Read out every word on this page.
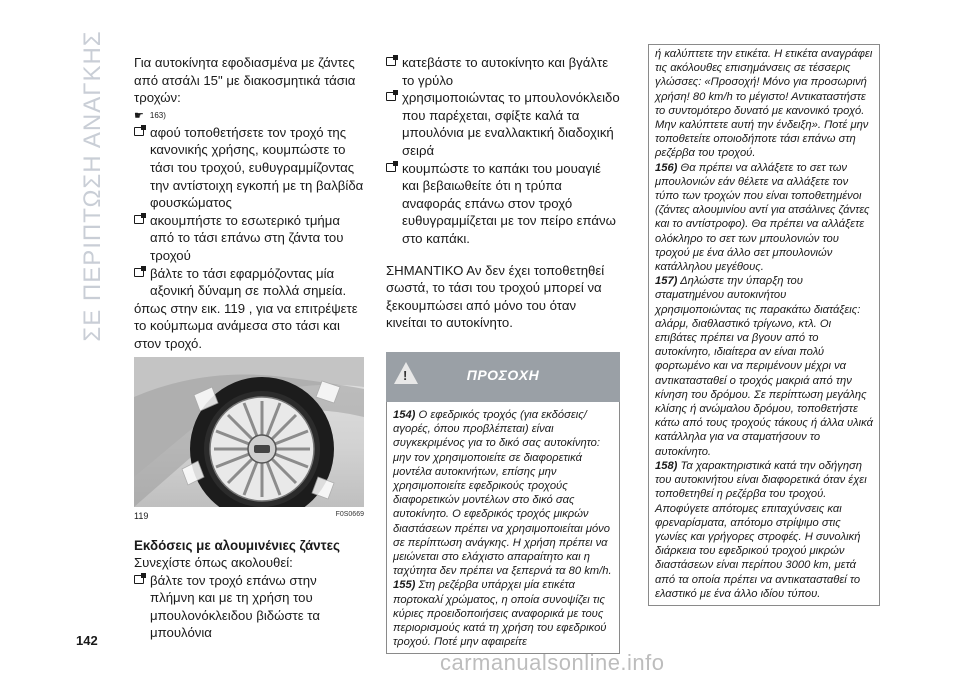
ΣΕ ΠΕΡΙΠΤΩΣΗ ΑΝΑΓΚΗΣ Για αυτοκίνητα εφοδιασμένα με ζάντες από ατσάλι 15" με διακοσμητικά τάσια τροχών:

☛ 163)

αφού τοποθετήσετε τον τροχό της κανονικής χρήσης, κουμπώστε το τάσι του τροχού, ευθυγραμμίζοντας την αντίστοιχη εγκοπή με τη βαλβίδα φουσκώματος

ακουμπήστε το εσωτερικό τμήμα από το τάσι επάνω στη ζάντα του τροχού

βάλτε το τάσι εφαρμόζοντας μία αξονική δύναμη σε πολλά σημεία.

όπως στην εικ. 119 , για να επιτρέψετε το κούμπωμα ανάμεσα στο τάσι και στον τροχό.

119	F0S0669

Εκδόσεις με αλουμινένιες ζάντες

Συνεχίστε όπως ακολουθεί:

βάλτε τον τροχό επάνω στην πλήμνη και με τη χρήση του μπουλονόκλειδου βιδώστε τα μπουλόνια

κατεβάστε το αυτοκίνητο και βγάλτε το γρύλο

χρησιμοποιώντας το μπουλονόκλειδο που παρέχεται, σφίξτε καλά τα μπουλόνια με εναλλακτική διαδοχική σειρά

κουμπώστε το καπάκι του μουαγιέ και βεβαιωθείτε ότι η τρύπα αναφοράς επάνω στον τροχό ευθυγραμμίζεται με τον πείρο επάνω στο καπάκι.

ΣΗΜΑΝΤΙΚΟ Αν δεν έχει τοποθετηθεί σωστά, το τάσι του τροχού μπορεί να ξεκουμπώσει από μόνο του όταν κινείται το αυτοκίνητο.

!	ΠΡΟΣΟΧΗ
154) Ο εφεδρικός τροχός (για εκδόσεις/αγορές, όπου προβλέπεται) είναι συγκεκριμένος για το δικό σας αυτοκίνητο: μην τον χρησιμοποιείτε σε διαφορετικά μοντέλα αυτοκινήτων, επίσης μην χρησιμοποιείτε εφεδρικούς τροχούς διαφορετικών μοντέλων στο δικό σας αυτοκίνητο. Ο εφεδρικός τροχός μικρών διαστάσεων πρέπει να χρησιμοποιείται μόνο σε περίπτωση ανάγκης. Η χρήση πρέπει να μειώνεται στο ελάχιστο απαραίτητο και η ταχύτητα δεν πρέπει να ξεπερνά τα 80 km/h.
155) Στη ρεζέρβα υπάρχει μία ετικέτα πορτοκαλί χρώματος, η οποία συνοψίζει τις κύριες προειδοποιήσεις αναφορικά με τους περιορισμούς κατά τη χρήση του εφεδρικού τροχού. Ποτέ μην αφαιρείτε
ή καλύπτετε την ετικέτα. Η ετικέτα αναγράφει τις ακόλουθες επισημάνσεις σε τέσσερις γλώσσες: «Προσοχή! Μόνο για προσωρινή χρήση! 80 km/h το μέγιστο! Αντικαταστήστε το συντομότερο δυνατό με κανονικό τροχό. Μην καλύπτετε αυτή την ένδειξη». Ποτέ μην τοποθετείτε οποιοδήποτε τάσι επάνω στη ρεζέρβα του τροχού.
156) Θα πρέπει να αλλάξετε το σετ των μπουλονιών εάν θέλετε να αλλάξετε τον τύπο των τροχών που είναι τοποθετημένοι (ζάντες αλουμινίου αντί για ατσάλινες ζάντες και το αντίστροφο). Θα πρέπει να αλλάξετε ολόκληρο το σετ των μπουλονιών του τροχού με ένα άλλο σετ μπουλονιών κατάλληλου μεγέθους.
157) Δηλώστε την ύπαρξη του σταματημένου αυτοκινήτου χρησιμοποιώντας τις παρακάτω διατάξεις: αλάρμ, διαθλαστικό τρίγωνο, κτλ. Οι επιβάτες πρέπει να βγουν από το αυτοκίνητο, ιδιαίτερα αν είναι πολύ φορτωμένο και να περιμένουν μέχρι να αντικατασταθεί ο τροχός μακριά από την κίνηση του δρόμου. Σε περίπτωση μεγάλης κλίσης ή ανώμαλου δρόμου, τοποθετήστε κάτω από τους τροχούς τάκους ή άλλα υλικά κατάλληλα για να σταματήσουν το αυτοκίνητο.
158) Τα χαρακτηριστικά κατά την οδήγηση του αυτοκινήτου είναι διαφορετικά όταν έχει τοποθετηθεί η ρεζέρβα του τροχού. Αποφύγετε απότομες επιταχύνσεις και φρεναρίσματα, απότομο στρίψιμο στις γωνίες και γρήγορες στροφές. Η συνολική διάρκεια του εφεδρικού τροχού μικρών διαστάσεων είναι περίπου 3000 km, μετά από τα οποία πρέπει να αντικατασταθεί το ελαστικό με ένα άλλο ιδίου τύπου.
142
carmanualsonline.info
